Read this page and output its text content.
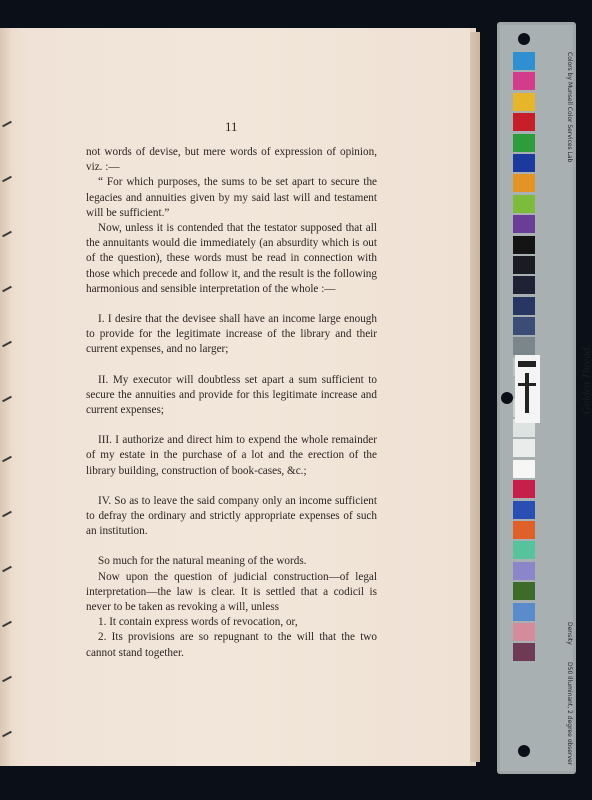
11

not words of devise, but mere words of expression of opinion, viz. :—

“ For which purposes, the sums to be set apart to secure the legacies and annuities given by my said last will and testament will be sufficient.”

Now, unless it is contended that the testator supposed that all the annuitants would die immediately (an absurdity which is out of the question), these words must be read in connection with those which precede and follow it, and the result is the following harmonious and sensible interpretation of the whole :—

I. I desire that the devisee shall have an income large enough to provide for the legitimate increase of the library and their current expenses, and no larger;

II. My executor will doubtless set apart a sum sufficient to secure the annuities and provide for this legitimate increase and current expenses;

III. I authorize and direct him to expend the whole remainder of my estate in the purchase of a lot and the erection of the library building, construction of book-cases, &c.;

IV. So as to leave the said company only an income sufficient to defray the ordinary and strictly appropriate expenses of such an institution.

So much for the natural meaning of the words.

Now upon the question of judicial construction—of legal interpretation—the law is clear. It is settled that a codicil is never to be taken as revoking a will, unless

1. It contain express words of revocation, or,

2. Its provisions are so repugnant to the will that the two cannot stand together.

Colors by Munsell Color Services Lab
Density
D50 Illuminant, 2 degree observer
Golden Thread
